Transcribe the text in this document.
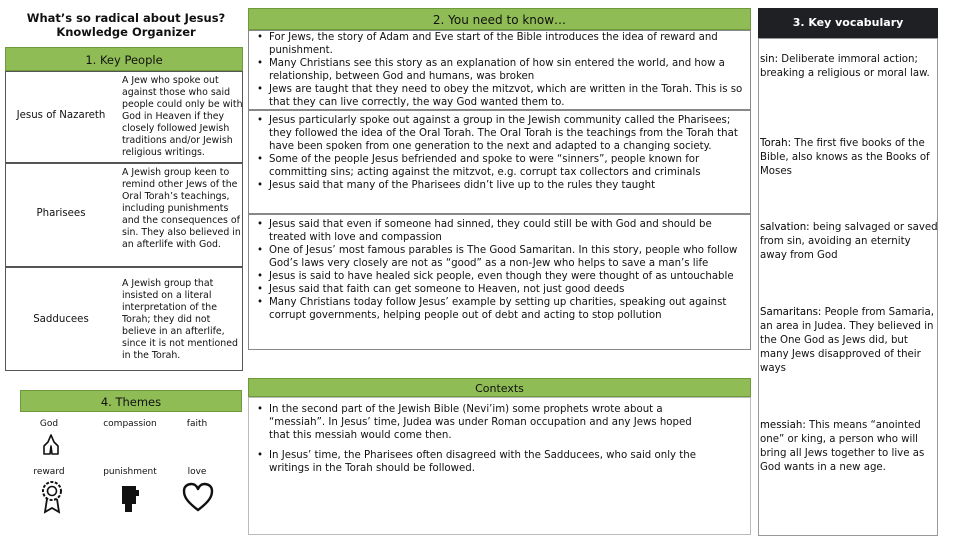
What’s so radical about Jesus? Knowledge Organizer
1. Key People
Jesus of Nazareth
A Jew who spoke out against those who said people could only be with God in Heaven if they closely followed Jewish traditions and/or Jewish religious writings.
Pharisees
A Jewish group keen to remind other Jews of the Oral Torah’s teachings, including punishments and the consequences of sin. They also believed in an afterlife with God.
Sadducees
A Jewish group that insisted on a literal interpretation of the Torah; they did not believe in an afterlife, since it is not mentioned in the Torah.
4. Themes
God	compassion	faith
reward	punishment	love
2. You need to know…
• For Jews, the story of Adam and Eve start of the Bible introduces the idea of reward and punishment.
• Many Christians see this story as an explanation of how sin entered the world, and how a relationship, between God and humans, was broken
• Jews are taught that they need to obey the mitzvot, which are written in the Torah. This is so that they can live correctly, the way God wanted them to.
• Jesus particularly spoke out against a group in the Jewish community called the Pharisees; they followed the idea of the Oral Torah. The Oral Torah is the teachings from the Torah that have been spoken from one generation to the next and adapted to a changing society.
• Some of the people Jesus befriended and spoke to were “sinners”, people known for committing sins; acting against the mitzvot, e.g. corrupt tax collectors and criminals
• Jesus said that many of the Pharisees didn’t live up to the rules they taught
• Jesus said that even if someone had sinned, they could still be with God and should be treated with love and compassion
• One of Jesus’ most famous parables is The Good Samaritan. In this story, people who follow God’s laws very closely are not as “good” as a non-Jew who helps to save a man’s life
• Jesus is said to have healed sick people, even though they were thought of as untouchable
• Jesus said that faith can get someone to Heaven, not just good deeds
• Many Christians today follow Jesus’ example by setting up charities, speaking out against corrupt governments, helping people out of debt and acting to stop pollution
Contexts
• In the second part of the Jewish Bible (Nevi’im) some prophets wrote about a “messiah”. In Jesus’ time, Judea was under Roman occupation and any Jews hoped that this messiah would come then.
• In Jesus’ time, the Pharisees often disagreed with the Sadducees, who said only the writings in the Torah should be followed.
3. Key vocabulary
sin: Deliberate immoral action; breaking a religious or moral law.
Torah: The first five books of the Bible, also knows as the Books of Moses
salvation: being salvaged or saved from sin, avoiding an eternity away from God
Samaritans: People from Samaria, an area in Judea. They believed in the One God as Jews did, but many Jews disapproved of their ways
messiah: This means “anointed one” or king, a person who will bring all Jews together to live as God wants in a new age.
